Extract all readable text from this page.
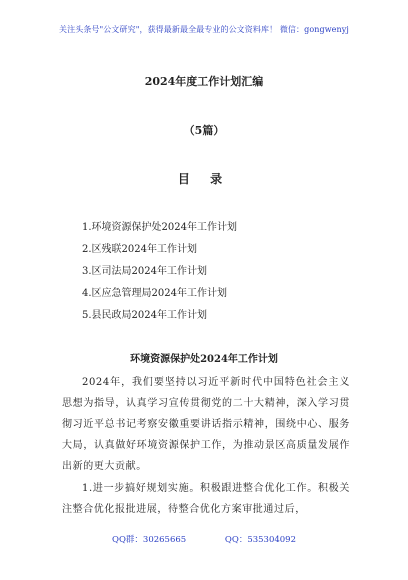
关注头条号"公文研究"，获得最新最全最专业的公文资料库！ 微信：gongwenyj
2024年度工作计划汇编
（5篇）
目 录
1.环境资源保护处2024年工作计划
2.区残联2024年工作计划
3.区司法局2024年工作计划
4.区应急管理局2024年工作计划
5.县民政局2024年工作计划
环境资源保护处2024年工作计划

2024年，我们要坚持以习近平新时代中国特色社会主义思想为指导，认真学习宣传贯彻党的二十大精神，深入学习贯彻习近平总书记考察安徽重要讲话指示精神，围绕中心、服务大局，认真做好环境资源保护工作，为推动景区高质量发展作出新的更大贡献。

1.进一步搞好规划实施。积极跟进整合优化工作。积极关注整合优化报批进展，待整合优化方案审批通过后，

QQ群：30265665	QQ：535304092
